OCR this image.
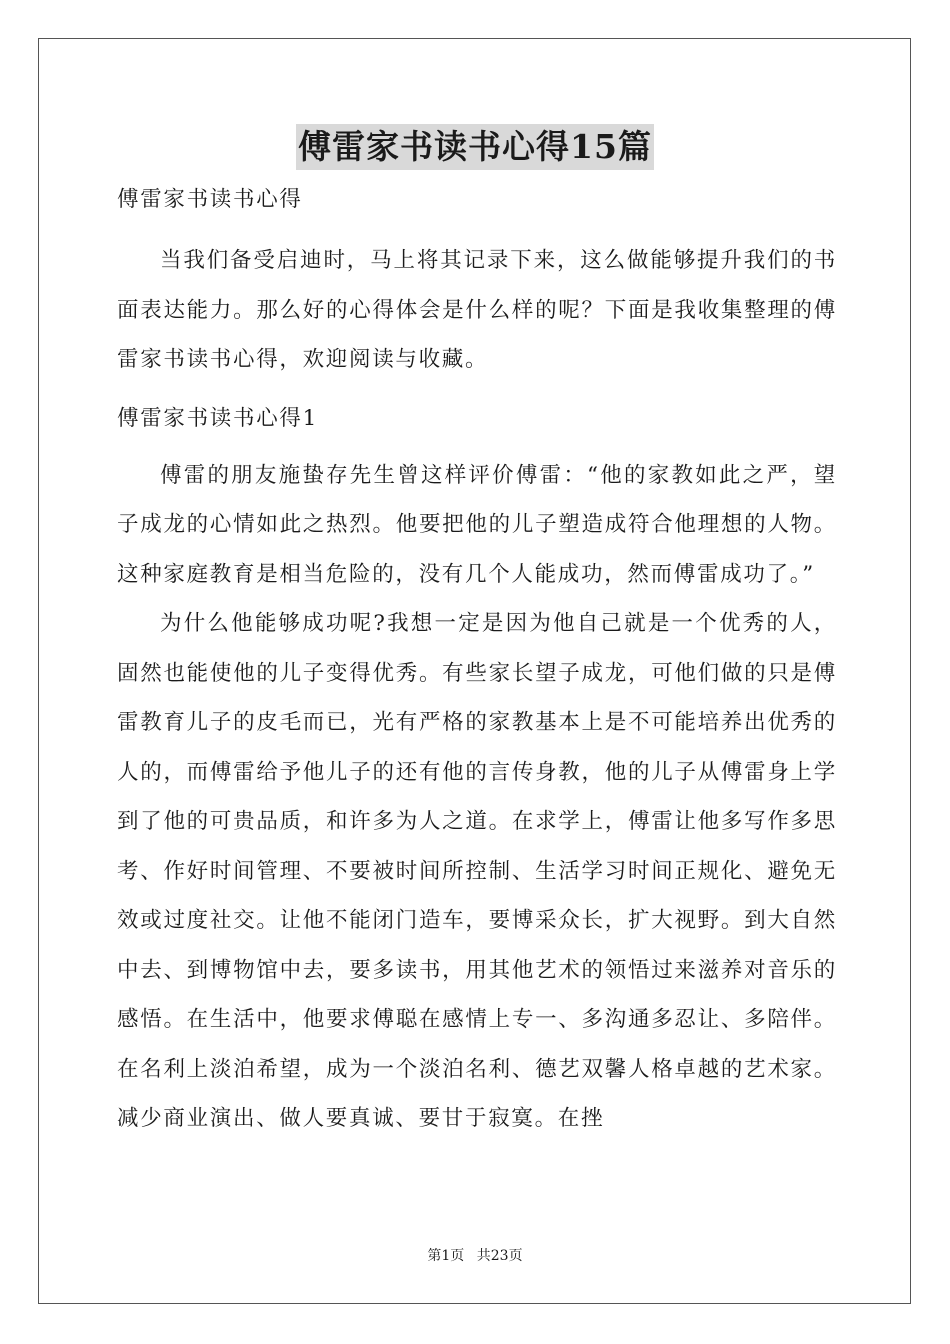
傅雷家书读书心得15篇
傅雷家书读书心得

当我们备受启迪时，马上将其记录下来，这么做能够提升我们的书面表达能力。那么好的心得体会是什么样的呢？下面是我收集整理的傅雷家书读书心得，欢迎阅读与收藏。

傅雷家书读书心得1

傅雷的朋友施蛰存先生曾这样评价傅雷：“他的家教如此之严，望子成龙的心情如此之热烈。他要把他的儿子塑造成符合他理想的人物。这种家庭教育是相当危险的，没有几个人能成功，然而傅雷成功了。”

为什么他能够成功呢?我想一定是因为他自己就是一个优秀的人，固然也能使他的儿子变得优秀。有些家长望子成龙，可他们做的只是傅雷教育儿子的皮毛而已，光有严格的家教基本上是不可能培养出优秀的人的，而傅雷给予他儿子的还有他的言传身教，他的儿子从傅雷身上学到了他的可贵品质，和许多为人之道。在求学上，傅雷让他多写作多思考、作好时间管理、不要被时间所控制、生活学习时间正规化、避免无效或过度社交。让他不能闭门造车，要博采众长，扩大视野。到大自然中去、到博物馆中去，要多读书，用其他艺术的领悟过来滋养对音乐的感悟。在生活中，他要求傅聪在感情上专一、多沟通多忍让、多陪伴。在名利上淡泊希望，成为一个淡泊名利、德艺双馨人格卓越的艺术家。减少商业演出、做人要真诚、要甘于寂寞。在挫

第1页 共23页
